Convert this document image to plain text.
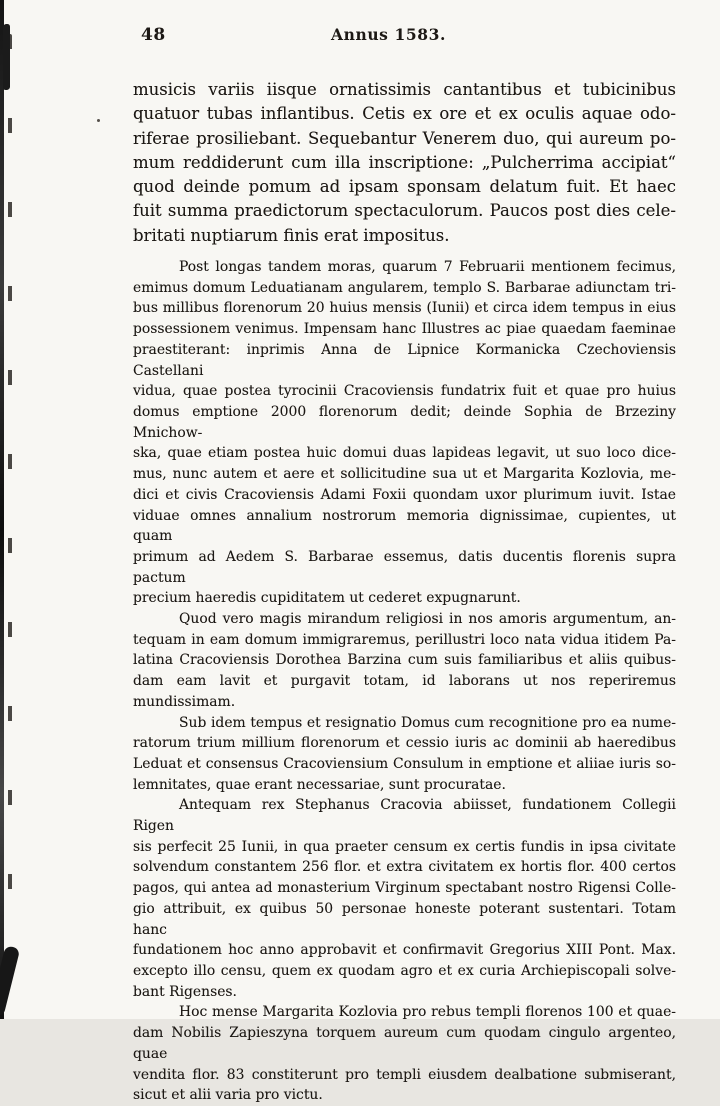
48	Annus 1583.

musicis variis iisque ornatissimis cantantibus et tubicinibus
quatuor tubas inflantibus. Cetis ex ore et ex oculis aquae odo-
riferae prosiliebant. Sequebantur Venerem duo, qui aureum po-
mum reddiderunt cum illa inscriptione: „Pulcherrima accipiat“
quod deinde pomum ad ipsam sponsam delatum fuit. Et haec
fuit summa praedictorum spectaculorum. Paucos post dies cele-
britati nuptiarum finis erat impositus.

Post longas tandem moras, quarum 7 Februarii mentionem fecimus,
emimus domum Leduatianam angularem, templo S. Barbarae adiunctam tri-
bus millibus florenorum 20 huius mensis (Iunii) et circa idem tempus in eius
possessionem venimus. Impensam hanc Illustres ac piae quaedam faeminae
praestiterant: inprimis Anna de Lipnice Kormanicka Czechoviensis Castellani
vidua, quae postea tyrocinii Cracoviensis fundatrix fuit et quae pro huius
domus emptione 2000 florenorum dedit; deinde Sophia de Brzeziny Mnichow-
ska, quae etiam postea huic domui duas lapideas legavit, ut suo loco dice-
mus, nunc autem et aere et sollicitudine sua ut et Margarita Kozlovia, me-
dici et civis Cracoviensis Adami Foxii quondam uxor plurimum iuvit. Istae
viduae omnes annalium nostrorum memoria dignissimae, cupientes, ut quam
primum ad Aedem S. Barbarae essemus, datis ducentis florenis supra pactum
precium haeredis cupiditatem ut cederet expugnarunt.

Quod vero magis mirandum religiosi in nos amoris argumentum, an-
tequam in eam domum immigraremus, perillustri loco nata vidua itidem Pa-
latina Cracoviensis Dorothea Barzina cum suis familiaribus et aliis quibus-
dam eam lavit et purgavit totam, id laborans ut nos reperiremus mundissimam.

Sub idem tempus et resignatio Domus cum recognitione pro ea nume-
ratorum trium millium florenorum et cessio iuris ac dominii ab haeredibus
Leduat et consensus Cracoviensium Consulum in emptione et aliiae iuris so-
lemnitates, quae erant necessariae, sunt procuratae.

Antequam rex Stephanus Cracovia abiisset, fundationem Collegii Rigen
sis perfecit 25 Iunii, in qua praeter censum ex certis fundis in ipsa civitate
solvendum constantem 256 flor. et extra civitatem ex hortis flor. 400 certos
pagos, qui antea ad monasterium Virginum spectabant nostro Rigensi Colle-
gio attribuit, ex quibus 50 personae honeste poterant sustentari. Totam hanc
fundationem hoc anno approbavit et confirmavit Gregorius XIII Pont. Max.
excepto illo censu, quem ex quodam agro et ex curia Archiepiscopali solve-
bant Rigenses.

Hoc mense Margarita Kozlovia pro rebus templi florenos 100 et quae-
dam Nobilis Zapieszyna torquem aureum cum quodam cingulo argenteo, quae
vendita flor. 83 constiterunt pro templi eiusdem dealbatione submiserant,
sicut et alii varia pro victu.
